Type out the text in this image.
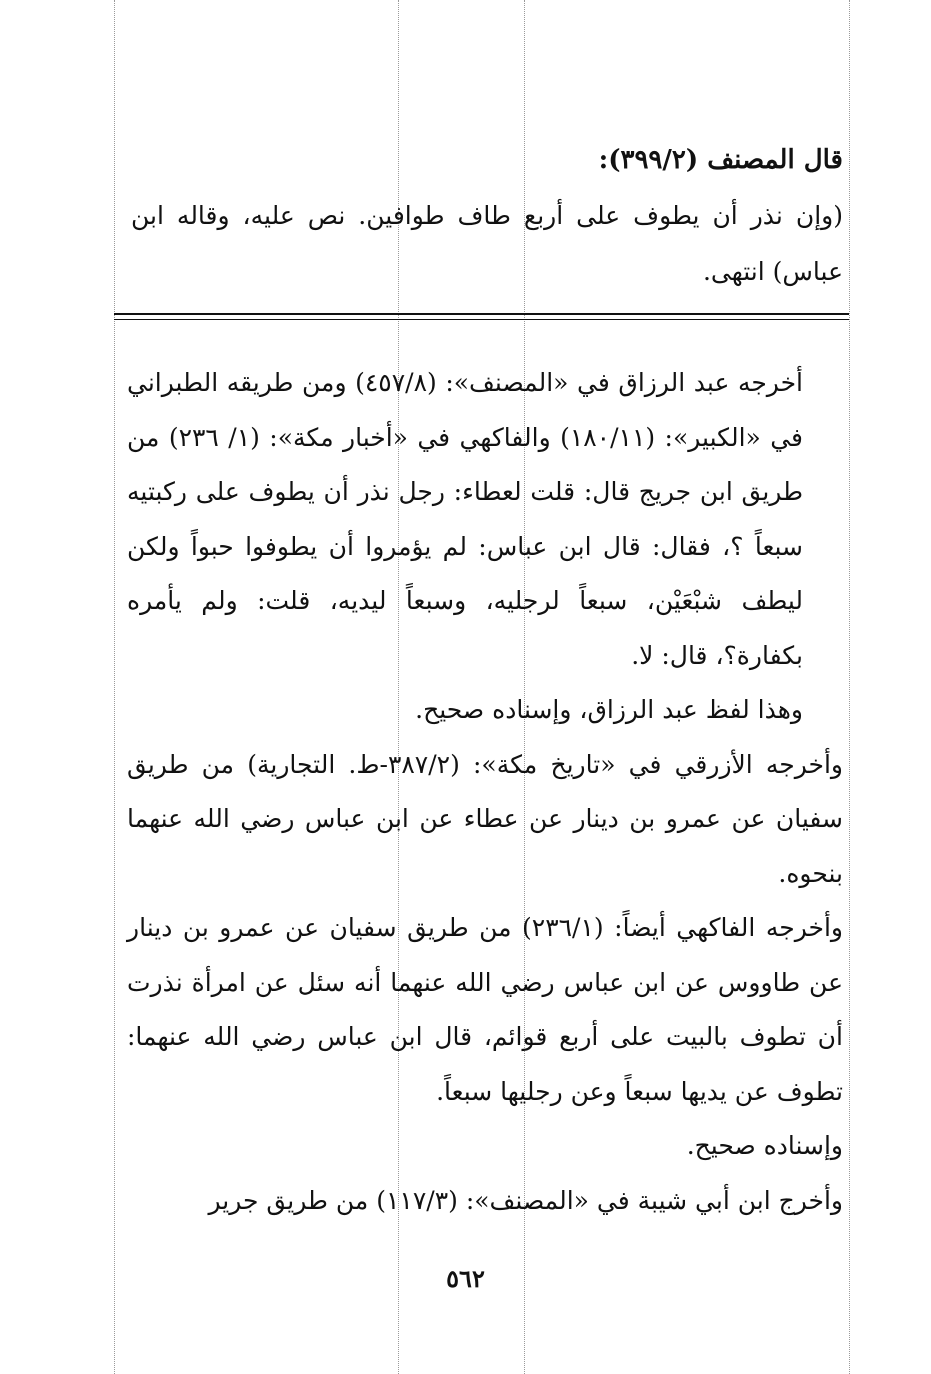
قال المصنف (٣٩٩/٢):
(وإن نذر أن يطوف على أربع طاف طوافين. نص عليه، وقاله ابن عباس) انتهى.

أخرجه عبد الرزاق في «المصنف»: (٤٥٧/٨) ومن طريقه الطبراني في «الكبير»: (١٨٠/١١) والفاكهي في «أخبار مكة»: (١/ ٢٣٦) من طريق ابن جريج قال: قلت لعطاء: رجل نذر أن يطوف على ركبتيه سبعاً ؟، فقال: قال ابن عباس: لم يؤمروا أن يطوفوا حبواً ولكن ليطف شبْعَيْن، سبعاً لرجليه، وسبعاً ليديه، قلت: ولم يأمره بكفارة؟، قال: لا.

وهذا لفظ عبد الرزاق، وإسناده صحيح.

وأخرجه الأزرقي في «تاريخ مكة»: (٣٨٧/٢-ط. التجارية) من طريق سفيان عن عمرو بن دينار عن عطاء عن ابن عباس رضي الله عنهما بنحوه.

وأخرجه الفاكهي أيضاً: (٢٣٦/١) من طريق سفيان عن عمرو بن دينار عن طاووس عن ابن عباس رضي الله عنهما أنه سئل عن امرأة نذرت أن تطوف بالبيت على أربع قوائم، قال ابن عباس رضي الله عنهما: تطوف عن يديها سبعاً وعن رجليها سبعاً.

وإسناده صحيح.

وأخرج ابن أبي شيبة في «المصنف»: (١١٧/٣) من طريق جرير

٥٦٢
